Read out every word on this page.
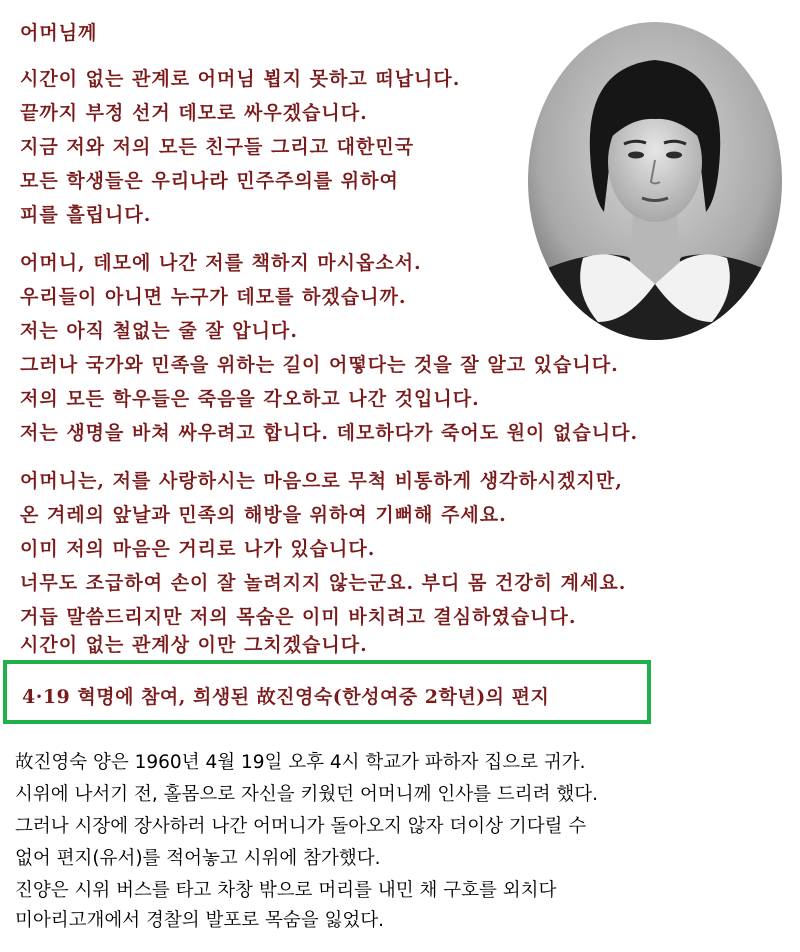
어머님께
시간이 없는 관계로 어머님 뵙지 못하고 떠납니다.
끝까지 부정 선거 데모로 싸우겠습니다.
지금 저와 저의 모든 친구들 그리고 대한민국
모든 학생들은 우리나라 민주주의를 위하여
피를 흘립니다.
어머니, 데모에 나간 저를 책하지 마시옵소서.
우리들이 아니면 누구가 데모를 하겠습니까.
저는 아직 철없는 줄 잘 압니다.
그러나 국가와 민족을 위하는 길이 어떻다는 것을 잘 알고 있습니다.
저의 모든 학우들은 죽음을 각오하고 나간 것입니다.
저는 생명을 바쳐 싸우려고 합니다. 데모하다가 죽어도 원이 없습니다.
어머니는, 저를 사랑하시는 마음으로 무척 비통하게 생각하시겠지만,
온 겨레의 앞날과 민족의 해방을 위하여 기뻐해 주세요.
이미 저의 마음은 거리로 나가 있습니다.
너무도 조급하여 손이 잘 놀려지지 않는군요. 부디 몸 건강히 계세요.
거듭 말씀드리지만 저의 목숨은 이미 바치려고 결심하였습니다.
시간이 없는 관계상 이만 그치겠습니다.
4·19 혁명에 참여, 희생된 故진영숙(한성여중 2학년)의 편지
故진영숙 양은 1960년 4월 19일 오후 4시 학교가 파하자 집으로 귀가.
시위에 나서기 전, 홀몸으로 자신을 키웠던 어머니께 인사를 드리려 했다.
그러나 시장에 장사하러 나간 어머니가 돌아오지 않자 더이상 기다릴 수
없어 편지(유서)를 적어놓고 시위에 참가했다.
진양은 시위 버스를 타고 차창 밖으로 머리를 내민 채 구호를 외치다
미아리고개에서 경찰의 발포로 목숨을 잃었다.
